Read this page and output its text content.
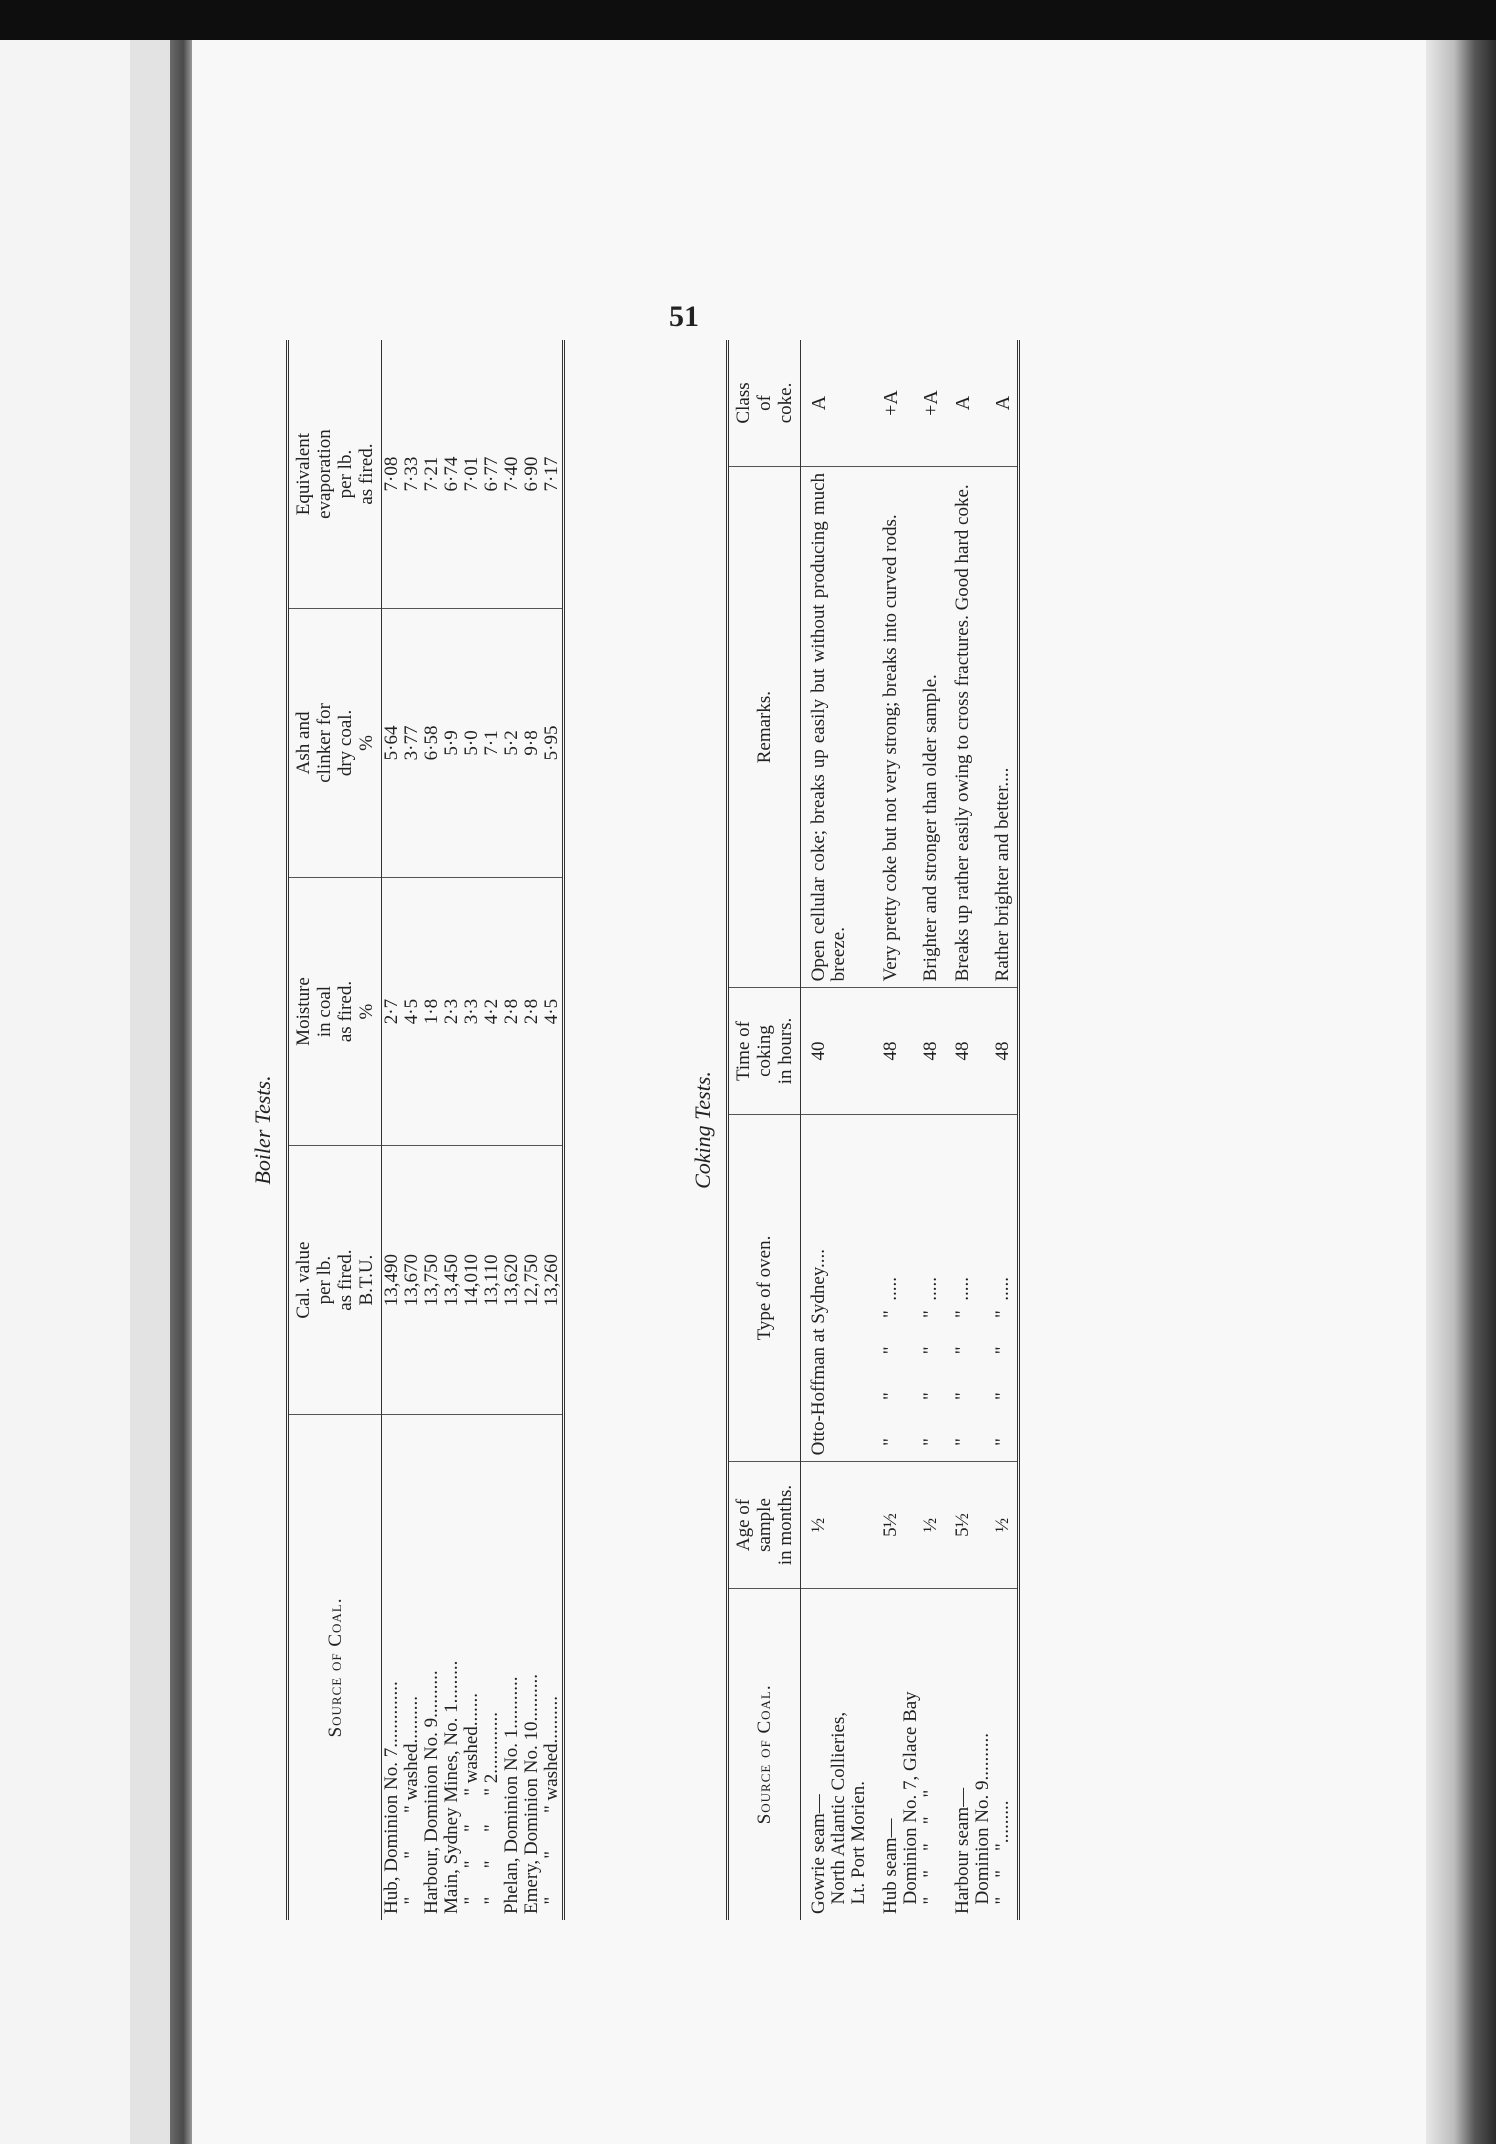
51
Boiler Tests.
Source of Coal.	Cal. value
per lb.
as fired.
B.T.U.	Moisture
in coal
as fired.
%	Ash and
clinker for
dry coal.
%	Equivalent
evaporation
per lb.
as fired.
Hub, Dominion No. 7..............	13,490	2·7	5·64	7·08
"        "        " washed..........	13,670	4·5	3·77	7·33
Harbour, Dominion No. 9..........	13,750	1·8	6·58	7·21
Main, Sydney Mines, No. 1.........	13,450	2·3	5·9	6·74
"      "      "      " washed.......	14,010	3·3	5·0	7·01
"      "      "      " 2.............	13,110	4·2	7·1	6·77
Phelan, Dominion No. 1...........	13,620	2·8	5·2	7·40
Emery, Dominion No. 10..........	12,750	2·8	9·8	6·90
"        "        " washed..........	13,260	4·5	5·95	7·17
Coking Tests.
Source of Coal.	Age of
sample
in months.	Type of oven.	Time of
coking
in hours.	Remarks.	Class
of
coke.
Gowrie seam—
North Atlantic Collieries,
Lt. Port Morien.	½	Otto-Hoffman at Sydney....	40	Open cellular coke; breaks up easily but without producing much breeze.	A
Hub seam—
Dominion No. 7, Glace Bay	5½	"        "        "      "  .....	48	Very pretty coke but not very strong; breaks into curved rods.	+A
"    "    "    "    "	½	"        "        "      "  .....	48	Brighter and stronger than older sample.	+A
Harbour seam—
Dominion No. 9..........	5½	"        "        "      "  .....	48	Breaks up rather easily owing to cross fractures. Good hard coke.	A
"    "    ".........	½	"        "        "      "  .....	48	Rather brighter and better....	A
